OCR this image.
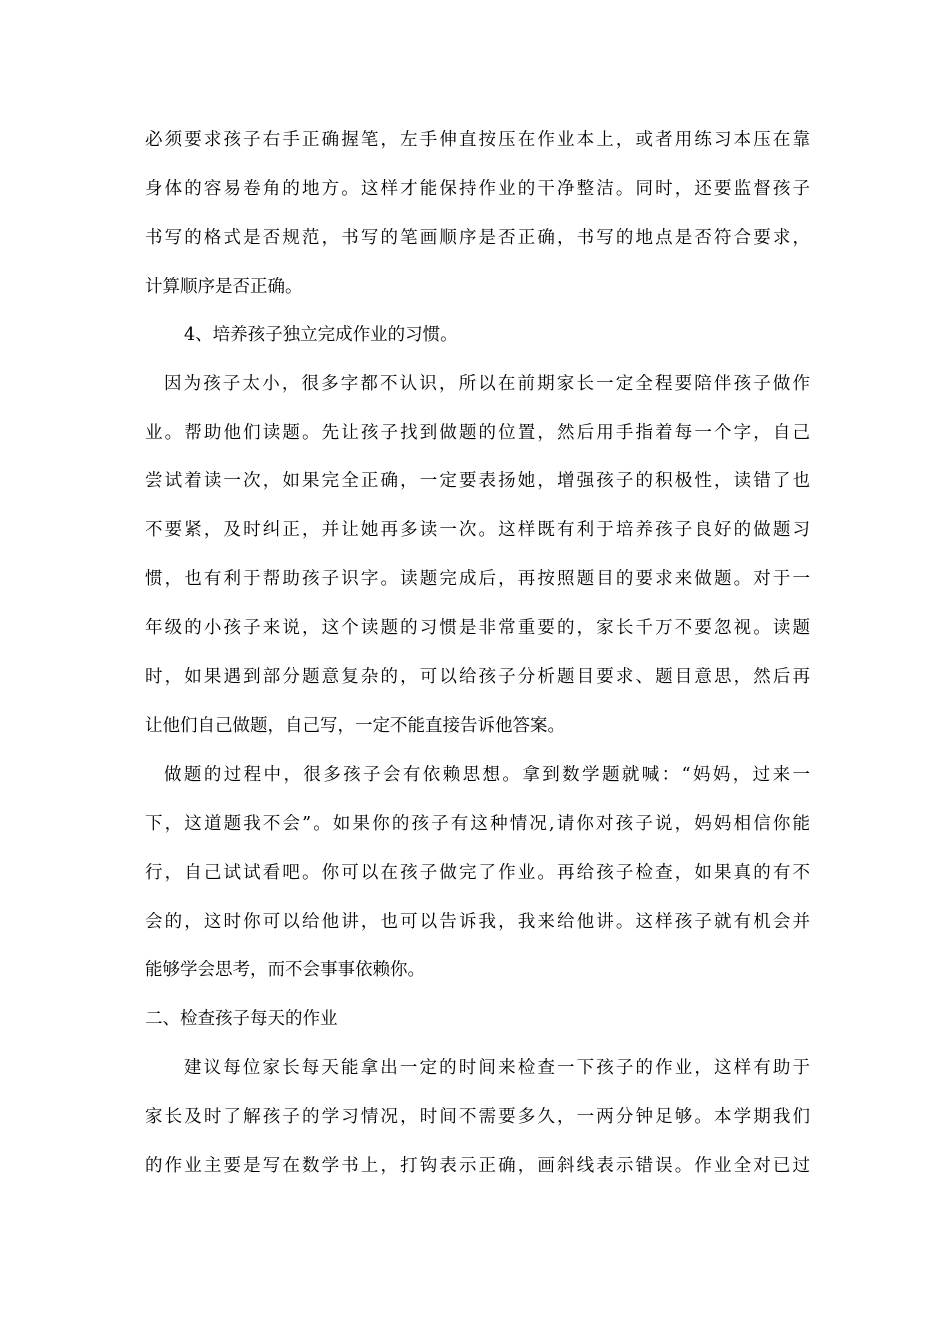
必须要求孩子右手正确握笔，左手伸直按压在作业本上，或者用练习本压在靠
身体的容易卷角的地方。这样才能保持作业的干净整洁。同时，还要监督孩子
书写的格式是否规范，书写的笔画顺序是否正确，书写的地点是否符合要求，
计算顺序是否正确。
4、培养孩子独立完成作业的习惯。
因为孩子太小，很多字都不认识，所以在前期家长一定全程要陪伴孩子做作
业。帮助他们读题。先让孩子找到做题的位置，然后用手指着每一个字，自己
尝试着读一次，如果完全正确，一定要表扬她，增强孩子的积极性，读错了也
不要紧，及时纠正，并让她再多读一次。这样既有利于培养孩子良好的做题习
惯，也有利于帮助孩子识字。读题完成后，再按照题目的要求来做题。对于一
年级的小孩子来说，这个读题的习惯是非常重要的，家长千万不要忽视。读题
时，如果遇到部分题意复杂的，可以给孩子分析题目要求、题目意思，然后再
让他们自己做题，自己写，一定不能直接告诉他答案。
做题的过程中，很多孩子会有依赖思想。拿到数学题就喊：“妈妈，过来一
下，这道题我不会”。如果你的孩子有这种情况,请你对孩子说，妈妈相信你能
行，自己试试看吧。你可以在孩子做完了作业。再给孩子检查，如果真的有不
会的，这时你可以给他讲，也可以告诉我，我来给他讲。这样孩子就有机会并
能够学会思考，而不会事事依赖你。
二、检查孩子每天的作业
建议每位家长每天能拿出一定的时间来检查一下孩子的作业，这样有助于
家长及时了解孩子的学习情况，时间不需要多久，一两分钟足够。本学期我们
的作业主要是写在数学书上，打钩表示正确，画斜线表示错误。作业全对已过
